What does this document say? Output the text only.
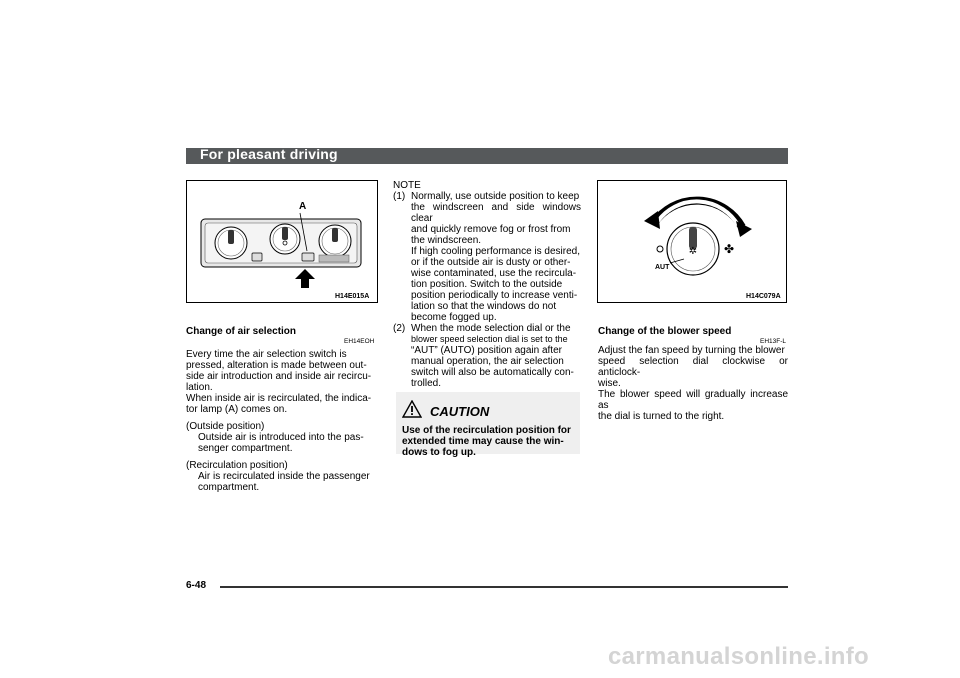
For pleasant driving
A
H14E015A
Change of air selection
EH14EOH
Every time the air selection switch is
pressed, alteration is made between out-
side air introduction and inside air recircu-
lation.
When inside air is recirculated, the indica-
tor lamp (A) comes on.
(Outside position)
Outside air is introduced into the pas-
senger compartment.
(Recirculation position)
Air is recirculated inside the passenger
compartment.
NOTE
(1) Normally, use outside position to keep
the windscreen and side windows clear
and quickly remove fog or frost from
the windscreen.
If high cooling performance is desired,
or if the outside air is dusty or other-
wise contaminated, use the recircula-
tion position. Switch to the outside
position periodically to increase venti-
lation so that the windows do not
become fogged up.
(2) When the mode selection dial or the
blower speed selection dial is set to the
“AUT” (AUTO) position again after
manual operation, the air selection
switch will also be automatically con-
trolled.
CAUTION
Use of the recirculation position for
extended time may cause the win-
dows to fog up.
✲ ✤
AUT
H14C079A
Change of the blower speed
EH13F-L
Adjust the fan speed by turning the blower
speed selection dial clockwise or anticlock-
wise.
The blower speed will gradually increase as
the dial is turned to the right.
6-48
carmanualsonline.info
